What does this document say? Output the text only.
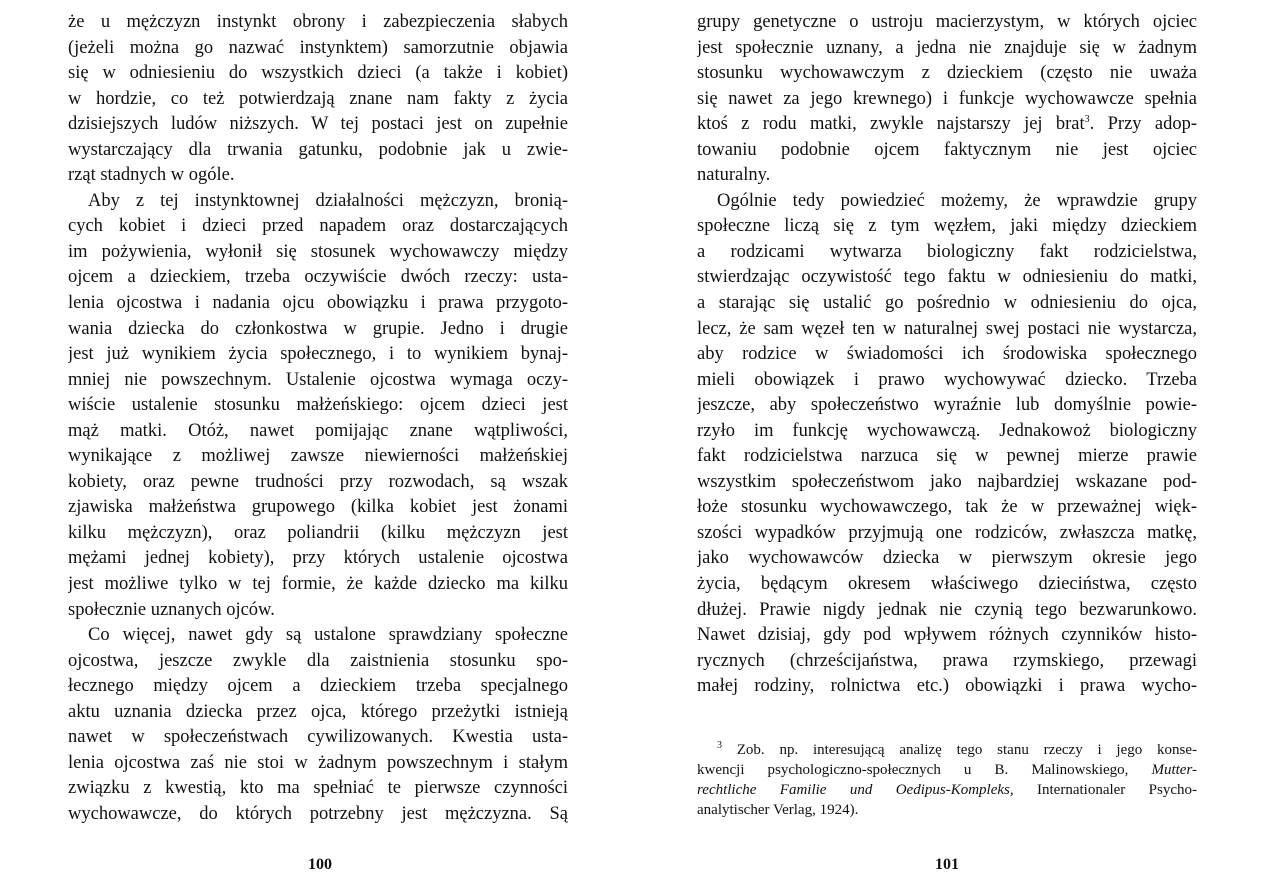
że u mężczyzn instynkt obrony i zabezpieczenia słabych
(jeżeli można go nazwać instynktem) samorzutnie objawia
się w odniesieniu do wszystkich dzieci (a także i kobiet)
w hordzie, co też potwierdzają znane nam fakty z życia
dzisiejszych ludów niższych. W tej postaci jest on zupełnie
wystarczający dla trwania gatunku, podobnie jak u zwie-
rząt stadnych w ogóle.
Aby z tej instynktownej działalności mężczyzn, bronią-
cych kobiet i dzieci przed napadem oraz dostarczających
im pożywienia, wyłonił się stosunek wychowawczy między
ojcem a dzieckiem, trzeba oczywiście dwóch rzeczy: usta-
lenia ojcostwa i nadania ojcu obowiązku i prawa przygoto-
wania dziecka do członkostwa w grupie. Jedno i drugie
jest już wynikiem życia społecznego, i to wynikiem bynaj-
mniej nie powszechnym. Ustalenie ojcostwa wymaga oczy-
wiście ustalenie stosunku małżeńskiego: ojcem dzieci jest
mąż matki. Otóż, nawet pomijając znane wątpliwości,
wynikające z możliwej zawsze niewierności małżeńskiej
kobiety, oraz pewne trudności przy rozwodach, są wszak
zjawiska małżeństwa grupowego (kilka kobiet jest żonami
kilku mężczyzn), oraz poliandrii (kilku mężczyzn jest
mężami jednej kobiety), przy których ustalenie ojcostwa
jest możliwe tylko w tej formie, że każde dziecko ma kilku
społecznie uznanych ojców.
Co więcej, nawet gdy są ustalone sprawdziany społeczne
ojcostwa, jeszcze zwykle dla zaistnienia stosunku spo-
łecznego między ojcem a dzieckiem trzeba specjalnego
aktu uznania dziecka przez ojca, którego przeżytki istnieją
nawet w społeczeństwach cywilizowanych. Kwestia usta-
lenia ojcostwa zaś nie stoi w żadnym powszechnym i stałym
związku z kwestią, kto ma spełniać te pierwsze czynności
wychowawcze, do których potrzebny jest mężczyzna. Są
grupy genetyczne o ustroju macierzystym, w których ojciec
jest społecznie uznany, a jedna nie znajduje się w żadnym
stosunku wychowawczym z dzieckiem (często nie uważa
się nawet za jego krewnego) i funkcje wychowawcze spełnia
ktoś z rodu matki, zwykle najstarszy jej brat$^3$. Przy adop-
towaniu podobnie ojcem faktycznym nie jest ojciec
naturalny.
Ogólnie tedy powiedzieć możemy, że wprawdzie grupy
społeczne liczą się z tym węzłem, jaki między dzieckiem
a rodzicami wytwarza biologiczny fakt rodzicielstwa,
stwierdzając oczywistość tego faktu w odniesieniu do matki,
a starając się ustalić go pośrednio w odniesieniu do ojca,
lecz, że sam węzeł ten w naturalnej swej postaci nie wystarcza,
aby rodzice w świadomości ich środowiska społecznego
mieli obowiązek i prawo wychowywać dziecko. Trzeba
jeszcze, aby społeczeństwo wyraźnie lub domyślnie powie-
rzyło im funkcję wychowawczą. Jednakowoż biologiczny
fakt rodzicielstwa narzuca się w pewnej mierze prawie
wszystkim społeczeństwom jako najbardziej wskazane pod-
łoże stosunku wychowawczego, tak że w przeważnej więk-
szości wypadków przyjmują one rodziców, zwłaszcza matkę,
jako wychowawców dziecka w pierwszym okresie jego
życia, będącym okresem właściwego dzieciństwa, często
dłużej. Prawie nigdy jednak nie czynią tego bezwarunkowo.
Nawet dzisiaj, gdy pod wpływem różnych czynników histo-
rycznych (chrześcijaństwa, prawa rzymskiego, przewagi
małej rodziny, rolnictwa etc.) obowiązki i prawa wycho-
$^3$ Zob. np. interesującą analizę tego stanu rzeczy i jego konse-
kwencji psychologiczno-społecznych u B. Malinowskiego, Mutter-
rechtliche Familie und Oedipus-Kompleks, Internationaler Psycho-
analytischer Verlag, 1924).
100	101
